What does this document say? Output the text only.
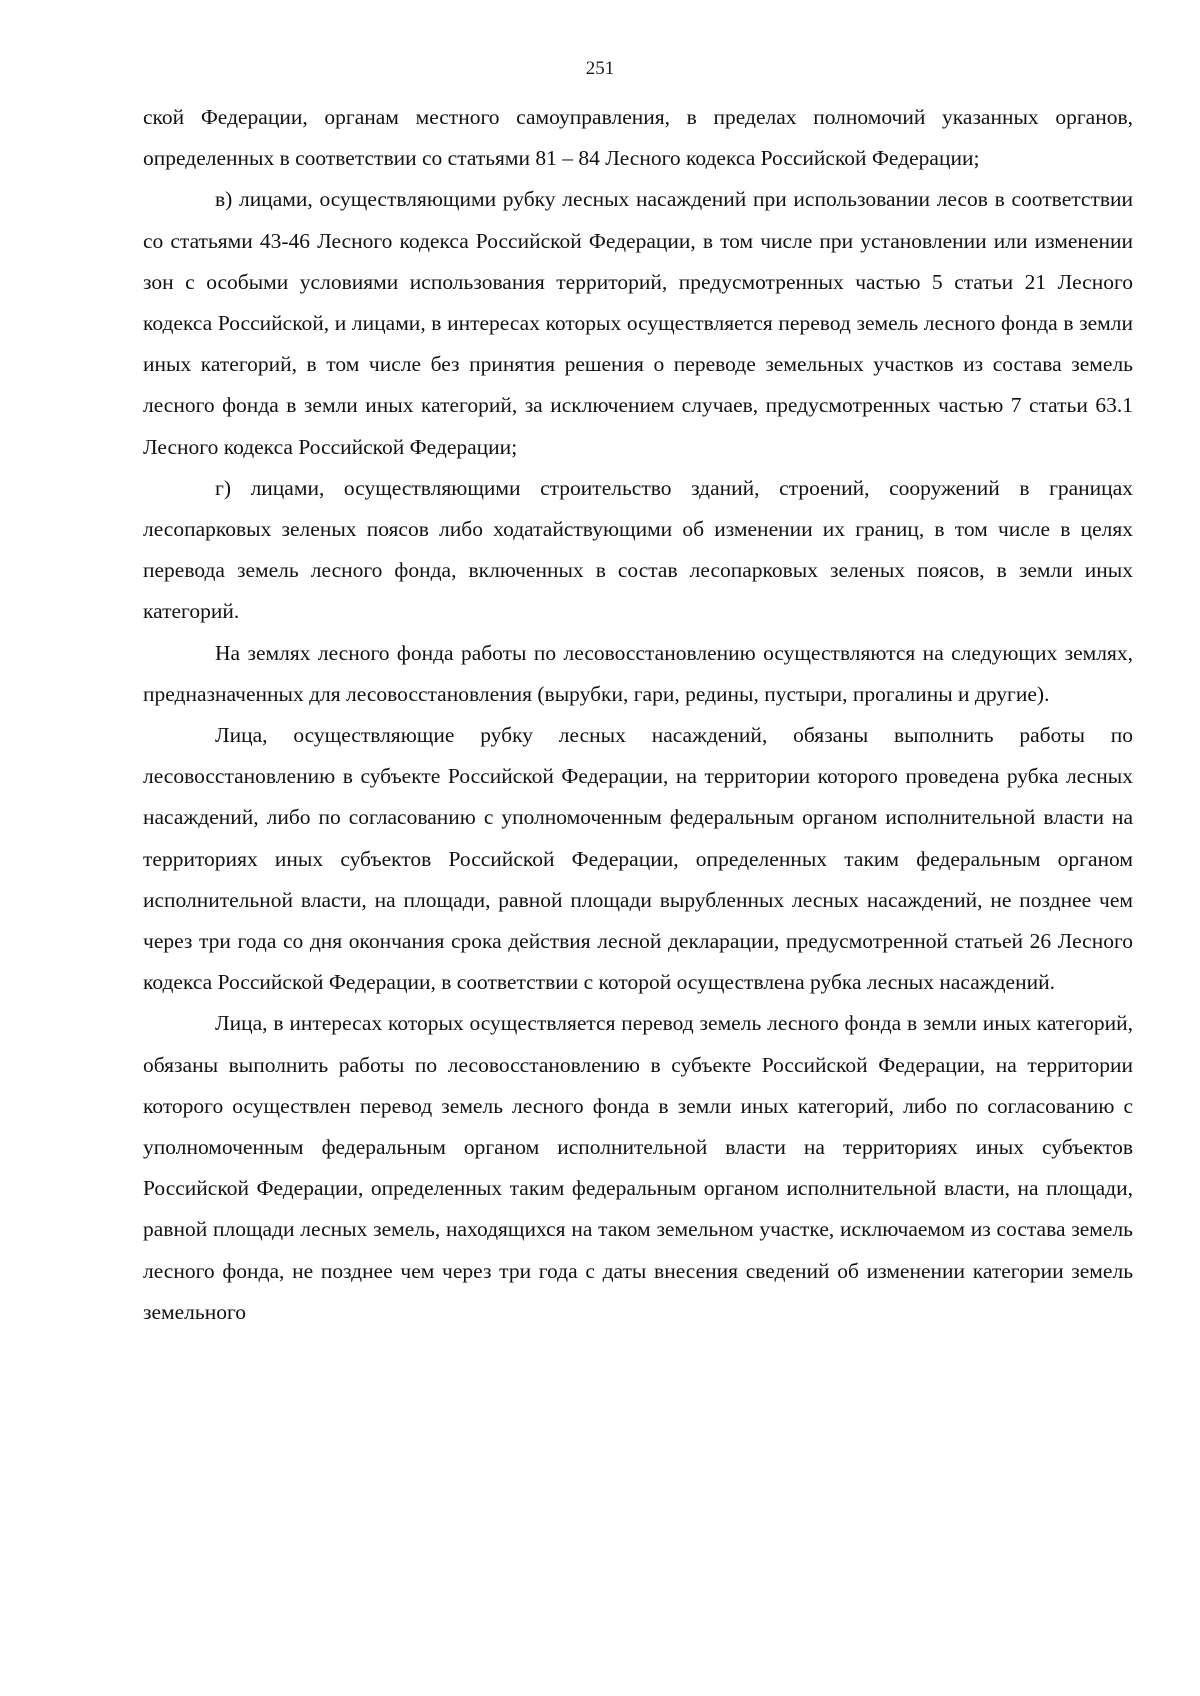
251

ской Федерации, органам местного самоуправления, в пределах полномочий указанных органов, определенных в соответствии со статьями 81 – 84 Лесного кодекса Российской Федерации;

в) лицами, осуществляющими рубку лесных насаждений при использовании лесов в соответствии со статьями 43-46 Лесного кодекса Российской Федерации, в том числе при установлении или изменении зон с особыми условиями использования территорий, предусмотренных частью 5 статьи 21 Лесного кодекса Российской, и лицами, в интересах которых осуществляется перевод земель лесного фонда в земли иных категорий, в том числе без принятия решения о переводе земельных участков из состава земель лесного фонда в земли иных категорий, за исключением случаев, предусмотренных частью 7 статьи 63.1 Лесного кодекса Российской Федерации;

г) лицами, осуществляющими строительство зданий, строений, сооружений в границах лесопарковых зеленых поясов либо ходатайствующими об изменении их границ, в том числе в целях перевода земель лесного фонда, включенных в состав лесопарковых зеленых поясов, в земли иных категорий.

На землях лесного фонда работы по лесовосстановлению осуществляются на следующих землях, предназначенных для лесовосстановления (вырубки, гари, редины, пустыри, прогалины и другие).

Лица, осуществляющие рубку лесных насаждений, обязаны выполнить работы по лесовосстановлению в субъекте Российской Федерации, на территории которого проведена рубка лесных насаждений, либо по согласованию с уполномоченным федеральным органом исполнительной власти на территориях иных субъектов Российской Федерации, определенных таким федеральным органом исполнительной власти, на площади, равной площади вырубленных лесных насаждений, не позднее чем через три года со дня окончания срока действия лесной декларации, предусмотренной статьей 26 Лесного кодекса Российской Федерации, в соответствии с которой осуществлена рубка лесных насаждений.

Лица, в интересах которых осуществляется перевод земель лесного фонда в земли иных категорий, обязаны выполнить работы по лесовосстановлению в субъекте Российской Федерации, на территории которого осуществлен перевод земель лесного фонда в земли иных категорий, либо по согласованию с уполномоченным федеральным органом исполнительной власти на территориях иных субъектов Российской Федерации, определенных таким федеральным органом исполнительной власти, на площади, равной площади лесных земель, находящихся на таком земельном участке, исключаемом из состава земель лесного фонда, не позднее чем через три года с даты внесения сведений об изменении категории земель земельного
